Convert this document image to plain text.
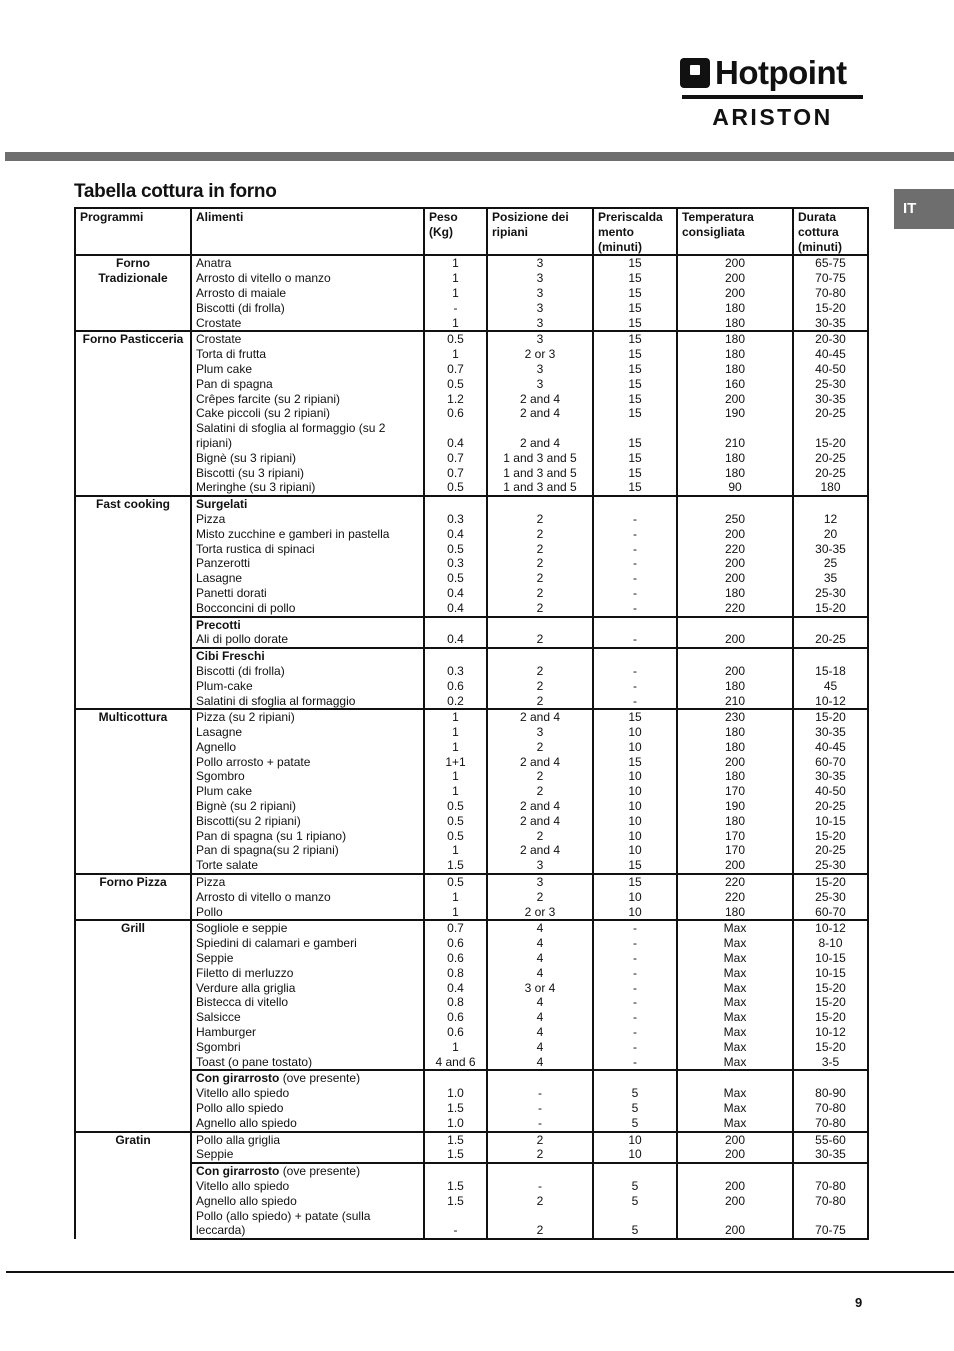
Hotpoint
ARISTON
IT
Tabella cottura in forno
Programmi	Alimenti	Peso (Kg)	Posizione dei ripiani	Preriscalda mento (minuti)	Temperatura consigliata	Durata cottura (minuti)
Forno Tradizionale	Anatra	1	3	15	200	65-75
	Arrosto di vitello o manzo	1	3	15	200	70-75
	Arrosto di maiale	1	3	15	200	70-80
	Biscotti (di frolla)	-	3	15	180	15-20
	Crostate	1	3	15	180	30-35
Forno Pasticceria	Crostate	0.5	3	15	180	20-30
	Torta di frutta	1	2 or 3	15	180	40-45
	Plum cake	0.7	3	15	180	40-50
	Pan di spagna	0.5	3	15	160	25-30
	Crêpes farcite (su 2 ripiani)	1.2	2 and 4	15	200	30-35
	Cake piccoli (su 2 ripiani)	0.6	2 and 4	15	190	20-25
	Salatini di sfoglia al formaggio (su 2 ripiani)	0.4	2 and 4	15	210	15-20
	Bignè (su 3 ripiani)	0.7	1 and 3 and 5	15	180	20-25
	Biscotti (su 3 ripiani)	0.7	1 and 3 and 5	15	180	20-25
	Meringhe (su 3 ripiani)	0.5	1 and 3 and 5	15	90	180
Fast cooking	Surgelati					
	Pizza	0.3	2	-	250	12
	Misto zucchine e gamberi in pastella	0.4	2	-	200	20
	Torta rustica di spinaci	0.5	2	-	220	30-35
	Panzerotti	0.3	2	-	200	25
	Lasagne	0.5	2	-	200	35
	Panetti dorati	0.4	2	-	180	25-30
	Bocconcini di pollo	0.4	2	-	220	15-20
	Precotti					
	Ali di pollo dorate	0.4	2	-	200	20-25
	Cibi Freschi					
	Biscotti (di frolla)	0.3	2	-	200	15-18
	Plum-cake	0.6	2	-	180	45
	Salatini di sfoglia al formaggio	0.2	2	-	210	10-12
Multicottura	Pizza (su 2 ripiani)	1	2 and 4	15	230	15-20
	Lasagne	1	3	10	180	30-35
	Agnello	1	2	10	180	40-45
	Pollo arrosto + patate	1+1	2 and 4	15	200	60-70
	Sgombro	1	2	10	180	30-35
	Plum cake	1	2	10	170	40-50
	Bignè (su 2 ripiani)	0.5	2 and 4	10	190	20-25
	Biscotti(su 2 ripiani)	0.5	2 and 4	10	180	10-15
	Pan di spagna (su 1 ripiano)	0.5	2	10	170	15-20
	Pan di spagna(su 2 ripiani)	1	2 and 4	10	170	20-25
	Torte salate	1.5	3	15	200	25-30
Forno Pizza	Pizza	0.5	3	15	220	15-20
	Arrosto di vitello o manzo	1	2	10	220	25-30
	Pollo	1	2 or 3	10	180	60-70
Grill	Sogliole e seppie	0.7	4	-	Max	10-12
	Spiedini di calamari e gamberi	0.6	4	-	Max	8-10
	Seppie	0.6	4	-	Max	10-15
	Filetto di merluzzo	0.8	4	-	Max	10-15
	Verdure alla griglia	0.4	3 or 4	-	Max	15-20
	Bistecca di vitello	0.8	4	-	Max	15-20
	Salsicce	0.6	4	-	Max	15-20
	Hamburger	0.6	4	-	Max	10-12
	Sgombri	1	4	-	Max	15-20
	Toast (o pane tostato)	4 and 6	4	-	Max	3-5
	Con girarrosto (ove presente)					
	Vitello allo spiedo	1.0	-	5	Max	80-90
	Pollo allo spiedo	1.5	-	5	Max	70-80
	Agnello allo spiedo	1.0	-	5	Max	70-80
Gratin	Pollo alla griglia	1.5	2	10	200	55-60
	Seppie	1.5	2	10	200	30-35
	Con girarrosto (ove presente)					
	Vitello allo spiedo	1.5	-	5	200	70-80
	Agnello allo spiedo	1.5	2	5	200	70-80
	Pollo (allo spiedo) + patate (sulla leccarda)	-	2	5	200	70-75
9
